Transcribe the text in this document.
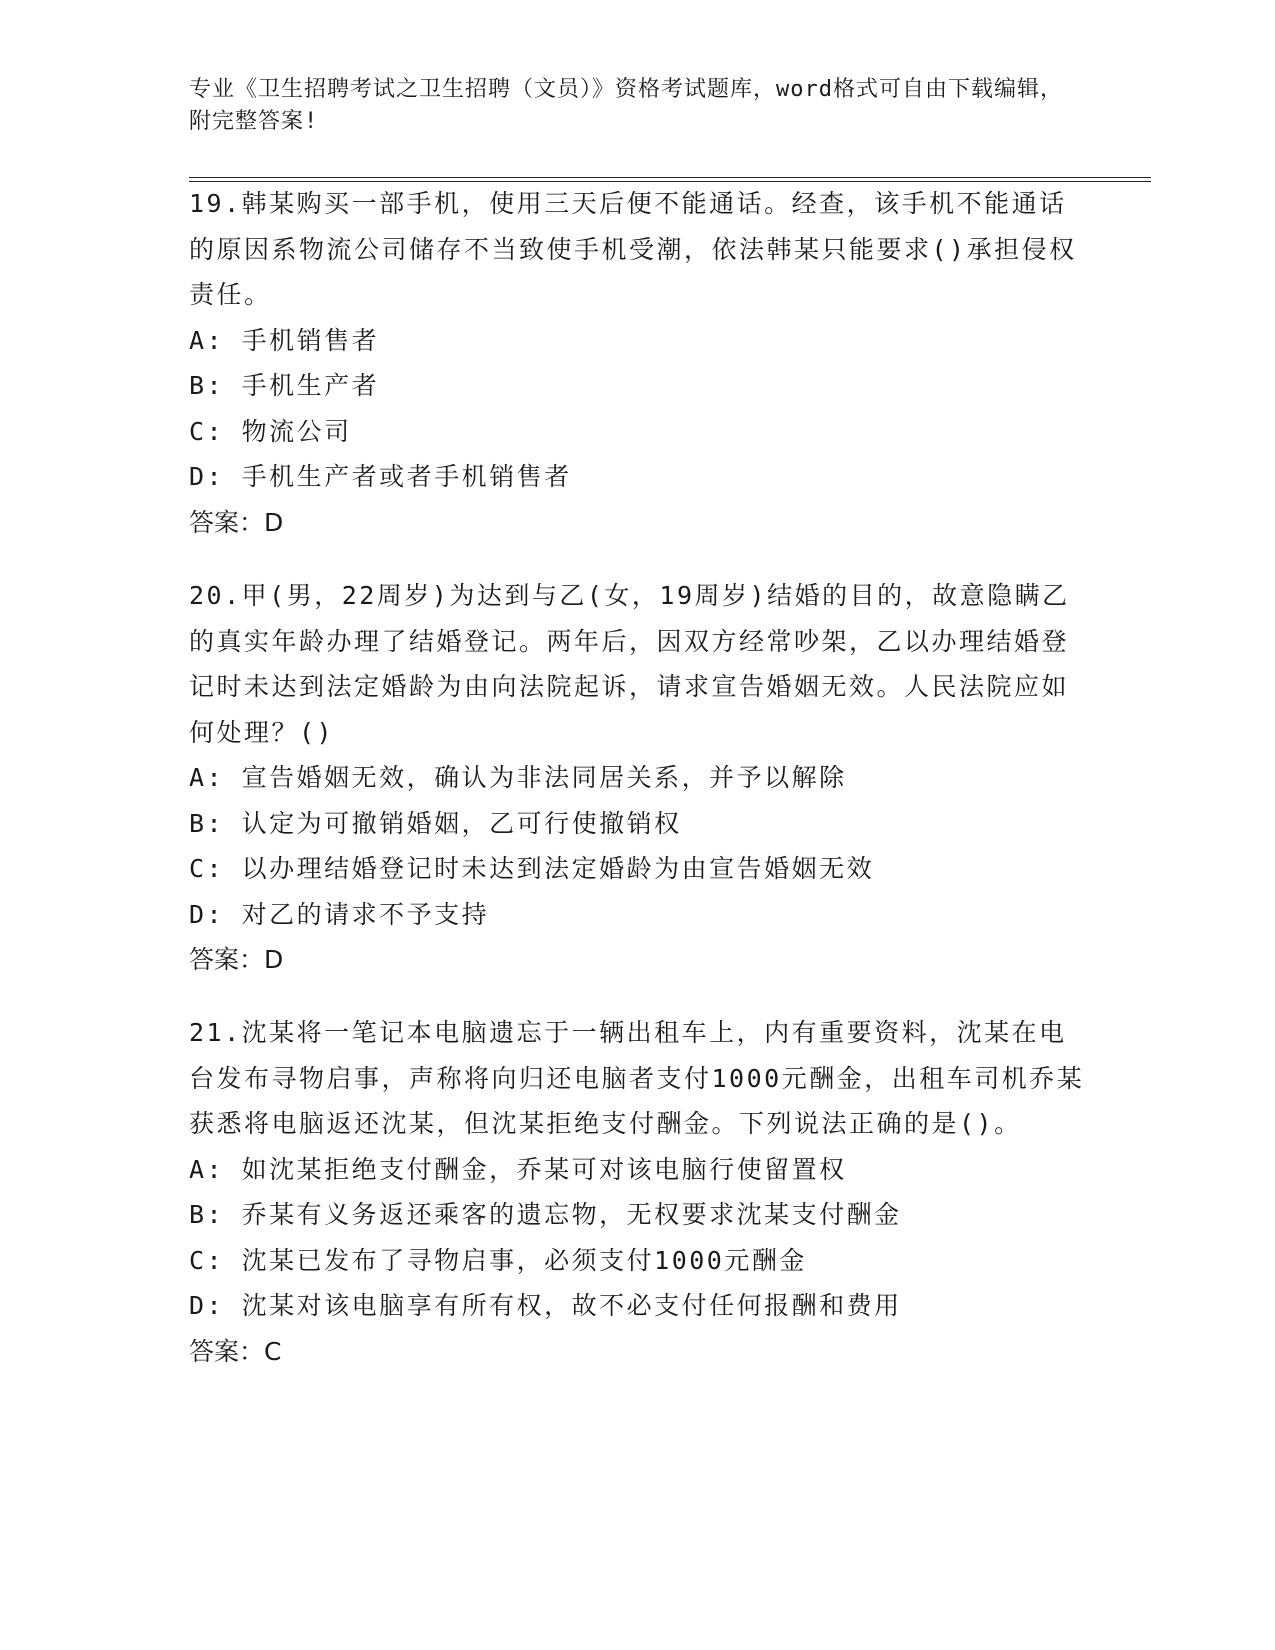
专业《卫生招聘考试之卫生招聘（文员）》资格考试题库，word格式可自由下载编辑，附完整答案!

19.韩某购买一部手机，使用三天后便不能通话。经查，该手机不能通话的原因系物流公司储存不当致使手机受潮，依法韩某只能要求()承担侵权责任。

A: 手机销售者

B: 手机生产者

C: 物流公司

D: 手机生产者或者手机销售者

答案：D

20.甲(男，22周岁)为达到与乙(女，19周岁)结婚的目的，故意隐瞒乙的真实年龄办理了结婚登记。两年后，因双方经常吵架，乙以办理结婚登记时未达到法定婚龄为由向法院起诉，请求宣告婚姻无效。人民法院应如何处理？()

A: 宣告婚姻无效，确认为非法同居关系，并予以解除

B: 认定为可撤销婚姻，乙可行使撤销权

C: 以办理结婚登记时未达到法定婚龄为由宣告婚姻无效

D: 对乙的请求不予支持

答案：D

21.沈某将一笔记本电脑遗忘于一辆出租车上，内有重要资料，沈某在电台发布寻物启事，声称将向归还电脑者支付1000元酬金，出租车司机乔某获悉将电脑返还沈某，但沈某拒绝支付酬金。下列说法正确的是()。

A: 如沈某拒绝支付酬金，乔某可对该电脑行使留置权

B: 乔某有义务返还乘客的遗忘物，无权要求沈某支付酬金

C: 沈某已发布了寻物启事，必须支付1000元酬金

D: 沈某对该电脑享有所有权，故不必支付任何报酬和费用

答案：C
